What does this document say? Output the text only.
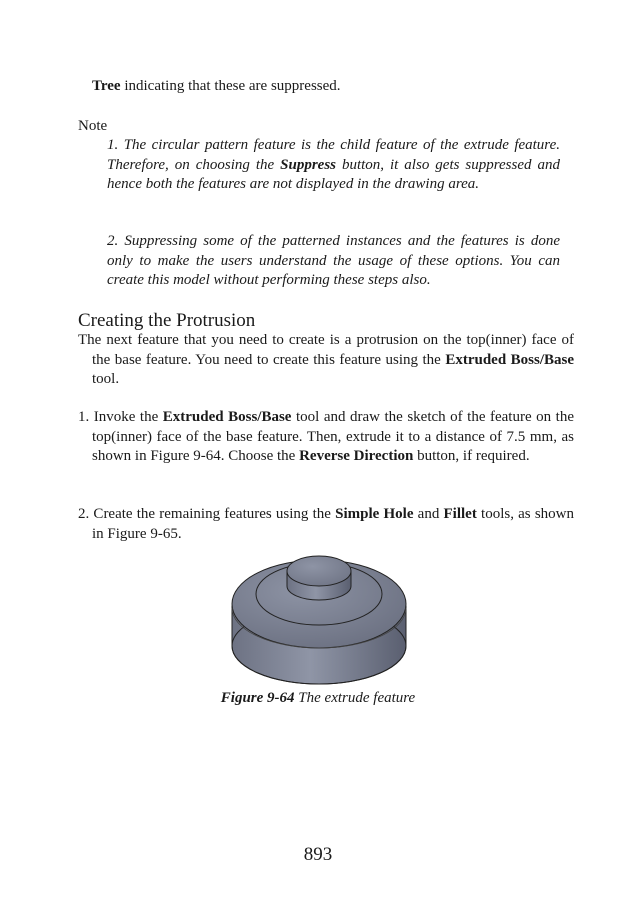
Tree indicating that these are suppressed.

Note

1. The circular pattern feature is the child feature of the extrude feature. Therefore, on choosing the Suppress button, it also gets suppressed and hence both the features are not displayed in the drawing area.

2. Suppressing some of the patterned instances and the features is done only to make the users understand the usage of these options. You can create this model without performing these steps also.

Creating the Protrusion

The next feature that you need to create is a protrusion on the top(inner) face of the base feature. You need to create this feature using the Extruded Boss/Base tool.

1. Invoke the Extruded Boss/Base tool and draw the sketch of the feature on the top(inner) face of the base feature. Then, extrude it to a distance of 7.5 mm, as shown in Figure 9-64. Choose the Reverse Direction button, if required.

2. Create the remaining features using the Simple Hole and Fillet tools, as shown in Figure 9-65.

Figure 9-64 The extrude feature

893
